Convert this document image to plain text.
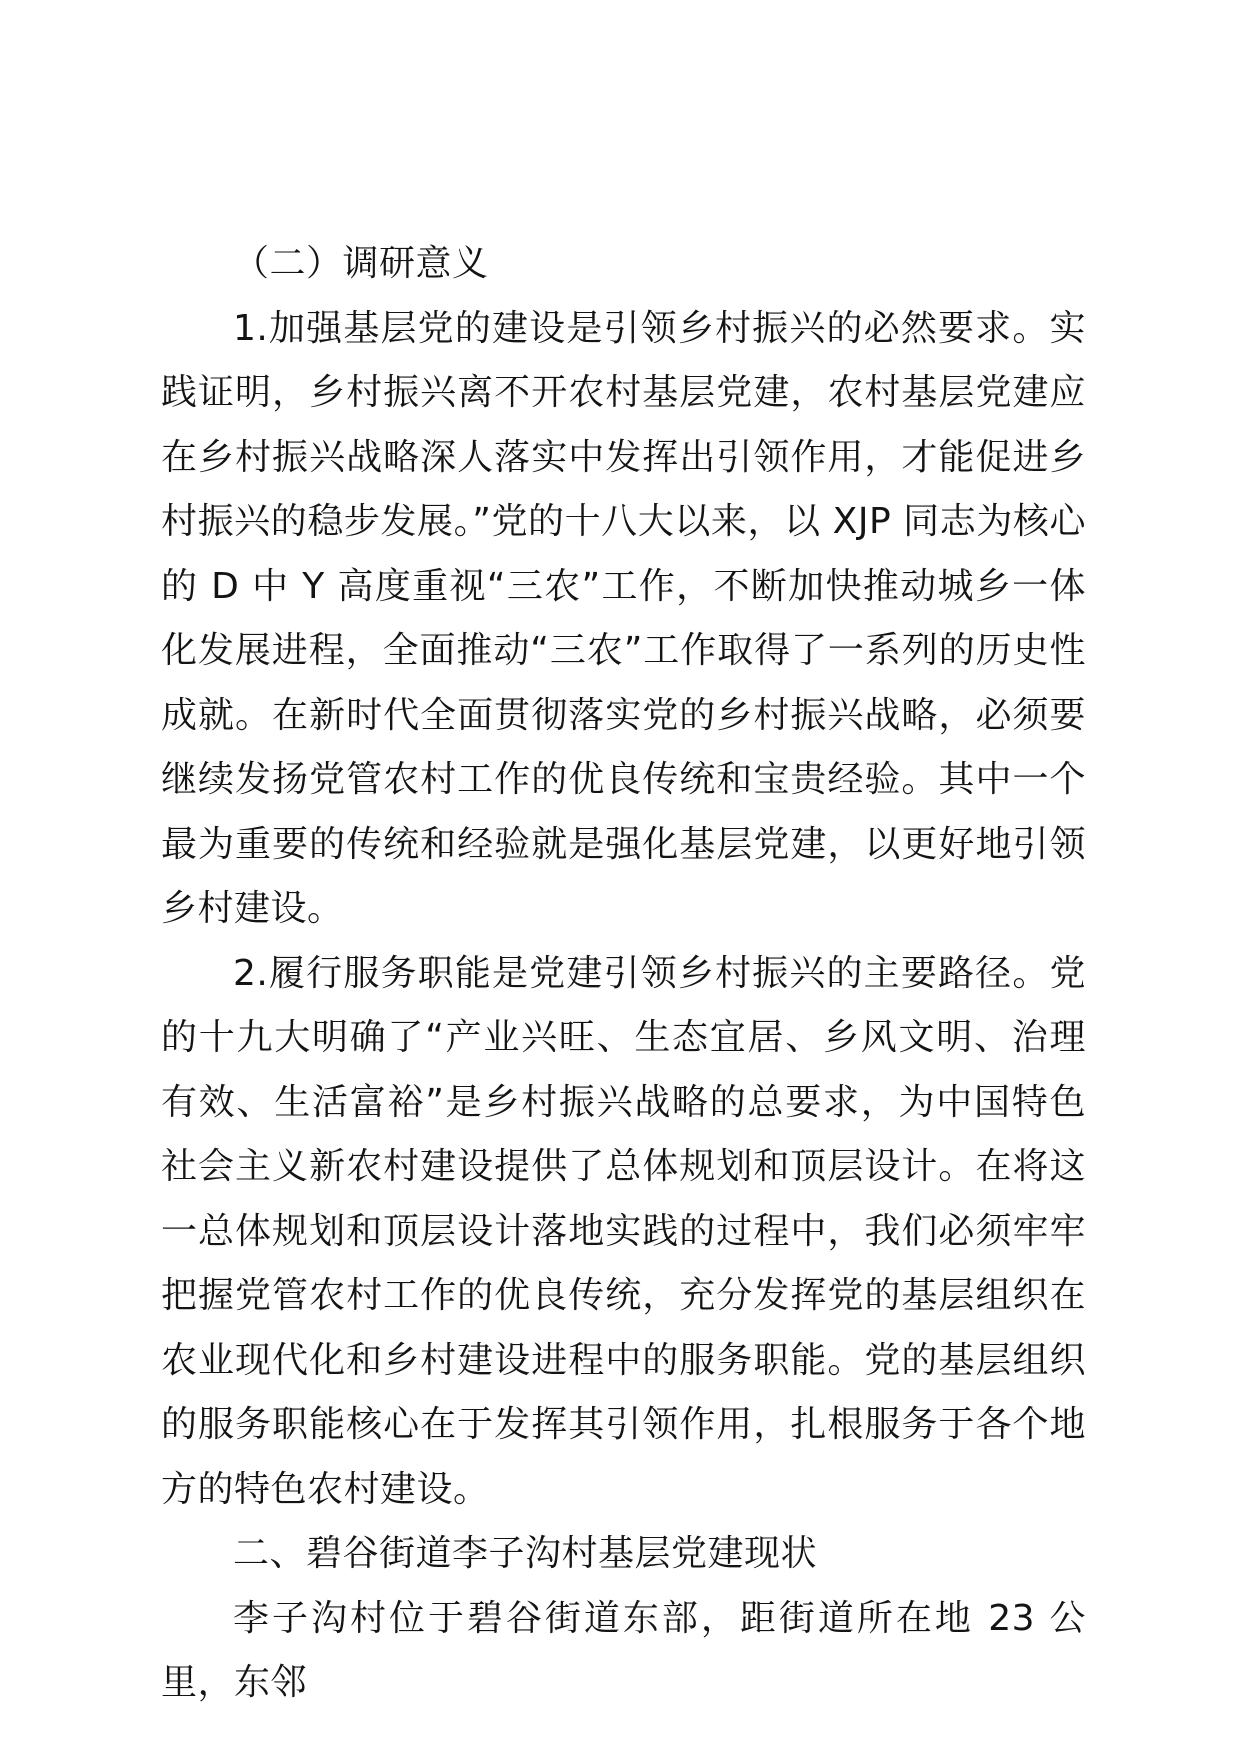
（二）调研意义

1.加强基层党的建设是引领乡村振兴的必然要求。实践证明，乡村振兴离不开农村基层党建，农村基层党建应在乡村振兴战略深人落实中发挥出引领作用，才能促进乡村振兴的稳步发展。”党的十八大以来，以 XJP 同志为核心的 D 中 Y 高度重视“三农”工作，不断加快推动城乡一体化发展进程，全面推动“三农”工作取得了一系列的历史性成就。在新时代全面贯彻落实党的乡村振兴战略，必须要继续发扬党管农村工作的优良传统和宝贵经验。其中一个最为重要的传统和经验就是强化基层党建，以更好地引领乡村建设。

2.履行服务职能是党建引领乡村振兴的主要路径。党的十九大明确了“产业兴旺、生态宜居、乡风文明、治理有效、生活富裕”是乡村振兴战略的总要求，为中国特色社会主义新农村建设提供了总体规划和顶层设计。在将这一总体规划和顶层设计落地实践的过程中，我们必须牢牢把握党管农村工作的优良传统，充分发挥党的基层组织在农业现代化和乡村建设进程中的服务职能。党的基层组织的服务职能核心在于发挥其引领作用，扎根服务于各个地方的特色农村建设。

二、碧谷街道李子沟村基层党建现状

李子沟村位于碧谷街道东部，距街道所在地 23 公里，东邻
